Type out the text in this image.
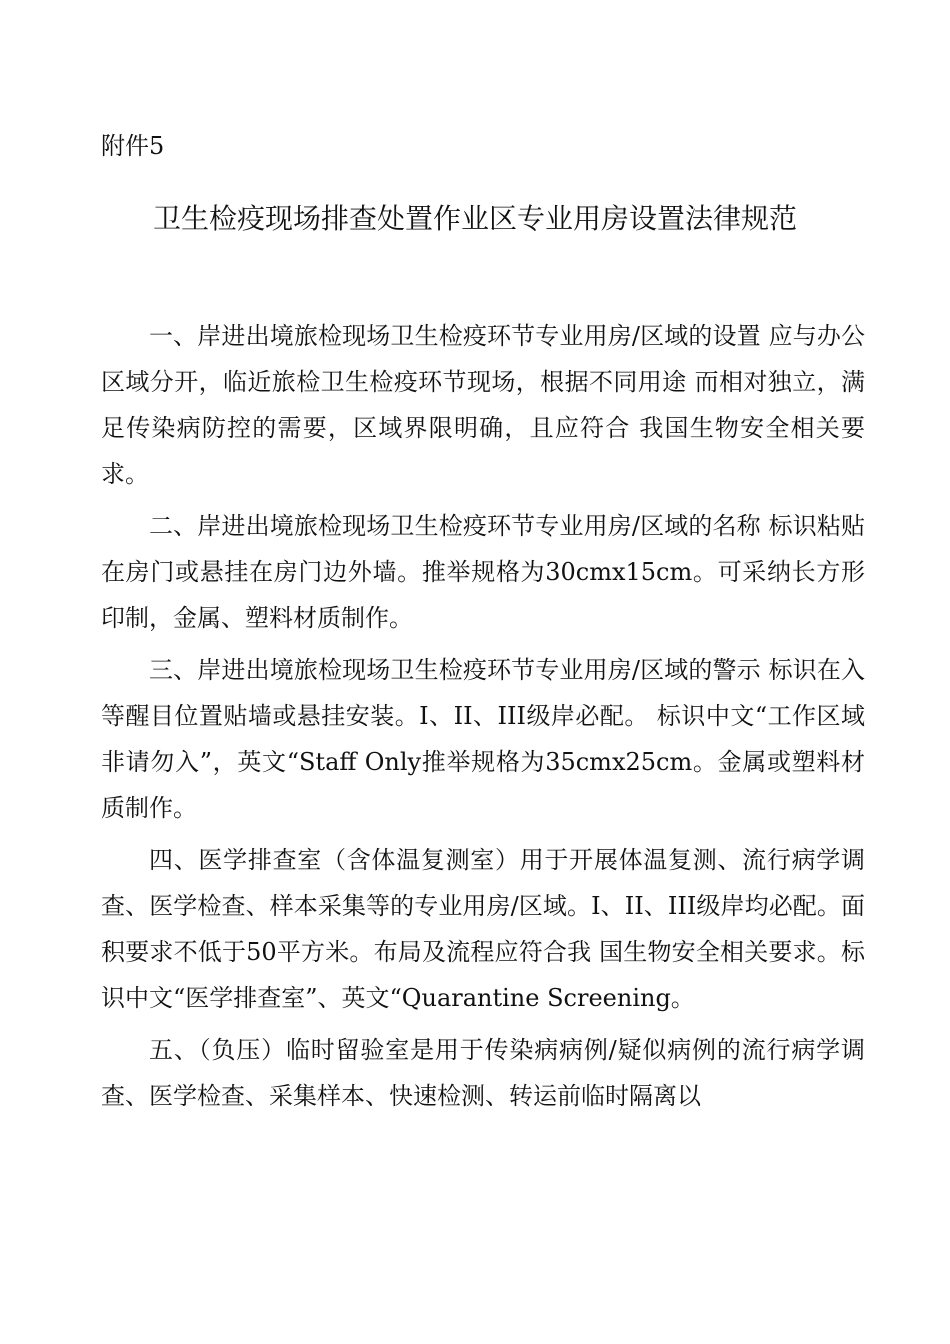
附件5
卫生检疫现场排查处置作业区专业用房设置法律规范

一、岸进出境旅检现场卫生检疫环节专业用房/区域的设置 应与办公区域分开，临近旅检卫生检疫环节现场，根据不同用途 而相对独立，满足传染病防控的需要，区域界限明确，且应符合 我国生物安全相关要求。

二、岸进出境旅检现场卫生检疫环节专业用房/区域的名称 标识粘贴在房门或悬挂在房门边外墙。推举规格为30cmx15cm。可采纳长方形印制，金属、塑料材质制作。

三、岸进出境旅检现场卫生检疫环节专业用房/区域的警示 标识在入等醒目位置贴墙或悬挂安装。I、II、III级岸必配。 标识中文“工作区域非请勿入”，英文“Staff Only推举规格为35cmx25cm。金属或塑料材质制作。

四、医学排查室（含体温复测室）用于开展体温复测、流行病学调查、医学检查、样本采集等的专业用房/区域。I、II、III级岸均必配。面积要求不低于50平方米。布局及流程应符合我 国生物安全相关要求。标识中文“医学排查室”、英文“Quarantine Screening。

五、（负压）临时留验室是用于传染病病例/疑似病例的流行病学调查、医学检查、采集样本、快速检测、转运前临时隔离以
